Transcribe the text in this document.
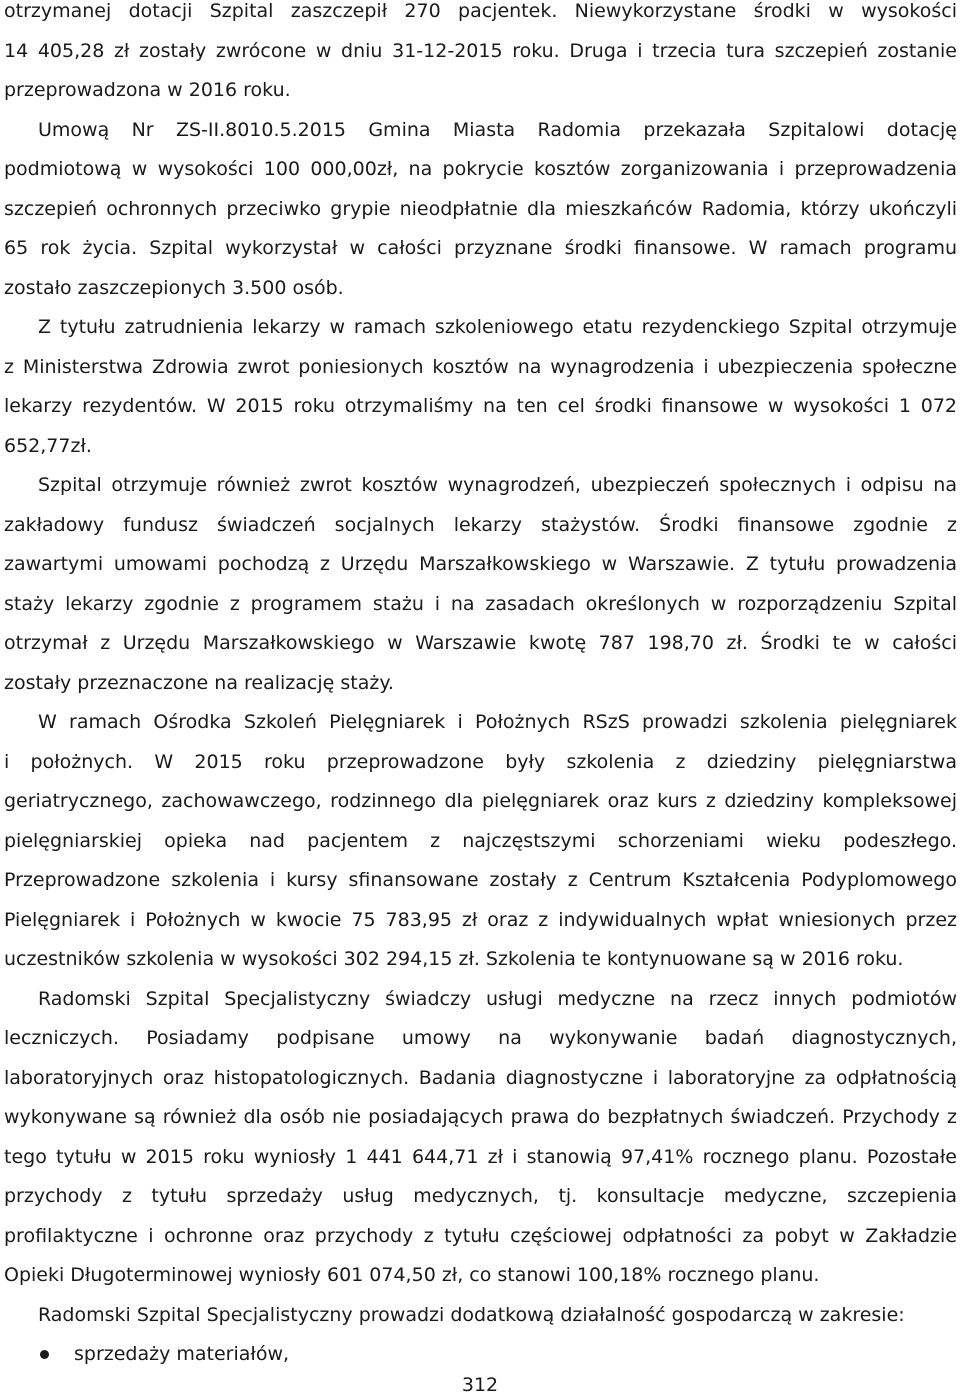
otrzymanej dotacji Szpital zaszczepił 270 pacjentek. Niewykorzystane środki w wysokości
14 405,28 zł zostały zwrócone w dniu 31-12-2015 roku. Druga i trzecia tura szczepień zostanie
przeprowadzona w 2016 roku.
Umową Nr ZS-II.8010.5.2015 Gmina Miasta Radomia przekazała Szpitalowi dotację
podmiotową w wysokości 100 000,00zł, na pokrycie kosztów zorganizowania i przeprowadzenia
szczepień ochronnych przeciwko grypie nieodpłatnie dla mieszkańców Radomia, którzy ukończyli
65 rok życia. Szpital wykorzystał w całości przyznane środki finansowe. W ramach programu
zostało zaszczepionych 3.500 osób.
Z tytułu zatrudnienia lekarzy w ramach szkoleniowego etatu rezydenckiego Szpital otrzymuje
z Ministerstwa Zdrowia zwrot poniesionych kosztów na wynagrodzenia i ubezpieczenia społeczne
lekarzy rezydentów. W 2015 roku otrzymaliśmy na ten cel środki finansowe w wysokości 1 072
652,77zł.
Szpital otrzymuje również zwrot kosztów wynagrodzeń, ubezpieczeń społecznych i odpisu na
zakładowy fundusz świadczeń socjalnych lekarzy stażystów. Środki finansowe zgodnie z
zawartymi umowami pochodzą z Urzędu Marszałkowskiego w Warszawie. Z tytułu prowadzenia
staży lekarzy zgodnie z programem stażu i na zasadach określonych w rozporządzeniu Szpital
otrzymał z Urzędu Marszałkowskiego w Warszawie kwotę 787 198,70 zł. Środki te w całości
zostały przeznaczone na realizację staży.
W ramach Ośrodka Szkoleń Pielęgniarek i Położnych RSzS prowadzi szkolenia pielęgniarek
i położnych. W 2015 roku przeprowadzone były szkolenia z dziedziny pielęgniarstwa
geriatrycznego, zachowawczego, rodzinnego dla pielęgniarek oraz kurs z dziedziny kompleksowej
pielęgniarskiej opieka nad pacjentem z najczęstszymi schorzeniami wieku podeszłego.
Przeprowadzone szkolenia i kursy sfinansowane zostały z Centrum Kształcenia Podyplomowego
Pielęgniarek i Położnych w kwocie 75 783,95 zł oraz z indywidualnych wpłat wniesionych przez
uczestników szkolenia w wysokości 302 294,15 zł. Szkolenia te kontynuowane są w 2016 roku.
Radomski Szpital Specjalistyczny świadczy usługi medyczne na rzecz innych podmiotów
leczniczych. Posiadamy podpisane umowy na wykonywanie badań diagnostycznych,
laboratoryjnych oraz histopatologicznych. Badania diagnostyczne i laboratoryjne za odpłatnością
wykonywane są również dla osób nie posiadających prawa do bezpłatnych świadczeń. Przychody z
tego tytułu w 2015 roku wyniosły 1 441 644,71 zł i stanowią 97,41% rocznego planu. Pozostałe
przychody z tytułu sprzedaży usług medycznych, tj. konsultacje medyczne, szczepienia
profilaktyczne i ochronne oraz przychody z tytułu częściowej odpłatności za pobyt w Zakładzie
Opieki Długoterminowej wyniosły 601 074,50 zł, co stanowi 100,18% rocznego planu.
Radomski Szpital Specjalistyczny prowadzi dodatkową działalność gospodarczą w zakresie:
sprzedaży materiałów,
312
